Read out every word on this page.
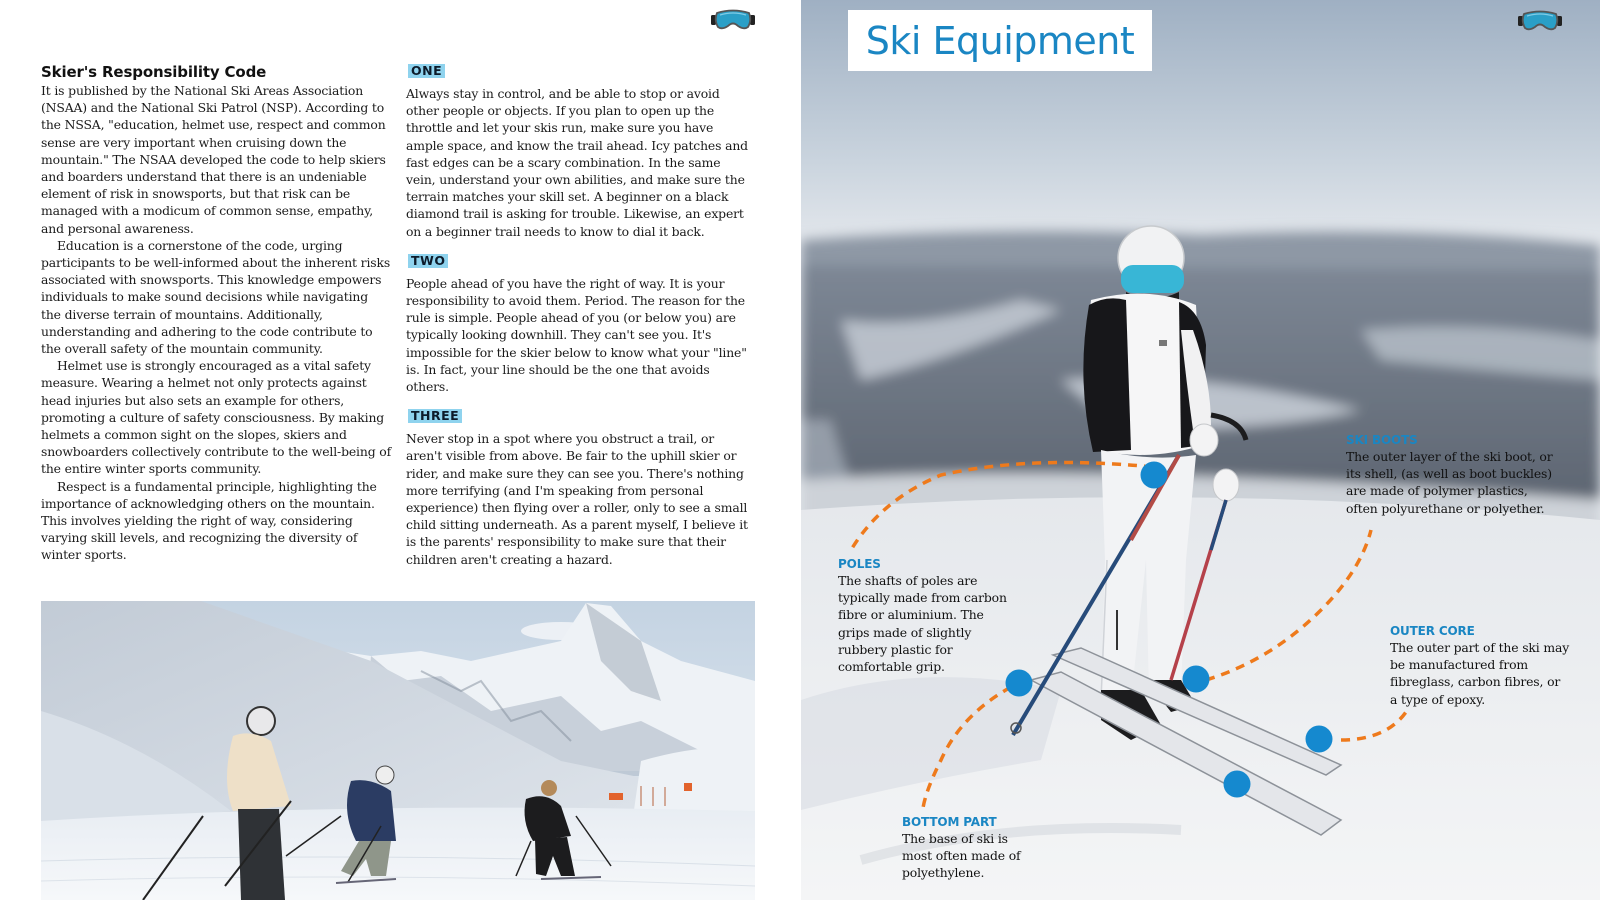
Skier's Responsibility Code

It is published by the National Ski Areas Association (NSAA) and the National Ski Patrol (NSP). According to the NSSA, "education, helmet use, respect and common sense are very important when cruising down the mountain." The NSAA developed the code to help skiers and boarders understand that there is an undeniable element of risk in snowsports, but that risk can be managed with a modicum of common sense, empathy, and personal awareness.

Education is a cornerstone of the code, urging participants to be well-informed about the inherent risks associated with snowsports. This knowledge empowers individuals to make sound decisions while navigating the diverse terrain of mountains. Additionally, understanding and adhering to the code contribute to the overall safety of the mountain community.

Helmet use is strongly encouraged as a vital safety measure. Wearing a helmet not only protects against head injuries but also sets an example for others, promoting a culture of safety consciousness. By making helmets a common sight on the slopes, skiers and snowboarders collectively contribute to the well-being of the entire winter sports community.

Respect is a fundamental principle, highlighting the importance of acknowledging others on the mountain. This involves yielding the right of way, considering varying skill levels, and recognizing the diversity of winter sports.

ONE

Always stay in control, and be able to stop or avoid other people or objects. If you plan to open up the throttle and let your skis run, make sure you have ample space, and know the trail ahead. Icy patches and fast edges can be a scary combination. In the same vein, understand your own abilities, and make sure the terrain matches your skill set. A beginner on a black diamond trail is asking for trouble. Likewise, an expert on a beginner trail needs to know to dial it back.

TWO

People ahead of you have the right of way. It is your responsibility to avoid them. Period. The reason for the rule is simple. People ahead of you (or below you) are typically looking downhill. They can't see you. It's impossible for the skier below to know what your "line" is. In fact, your line should be the one that avoids others.

THREE

Never stop in a spot where you obstruct a trail, or aren't visible from above. Be fair to the uphill skier or rider, and make sure they can see you. There's nothing more terrifying (and I'm speaking from personal experience) then flying over a roller, only to see a small child sitting underneath. As a parent myself, I believe it is the parents' responsibility to make sure that their children aren't creating a hazard.

Ski Equipment
SKI BOOTS
The outer layer of the ski boot, or its shell, (as well as boot buckles) are made of polymer plastics, often polyurethane or polyether.
POLES
The shafts of poles are typically made from carbon fibre or aluminium. The grips made of slightly rubbery plastic for comfortable grip.
OUTER CORE
The outer part of the ski may be manufactured from fibreglass, carbon fibres, or a type of epoxy.
BOTTOM PART
The base of ski is most often made of polyethylene.
